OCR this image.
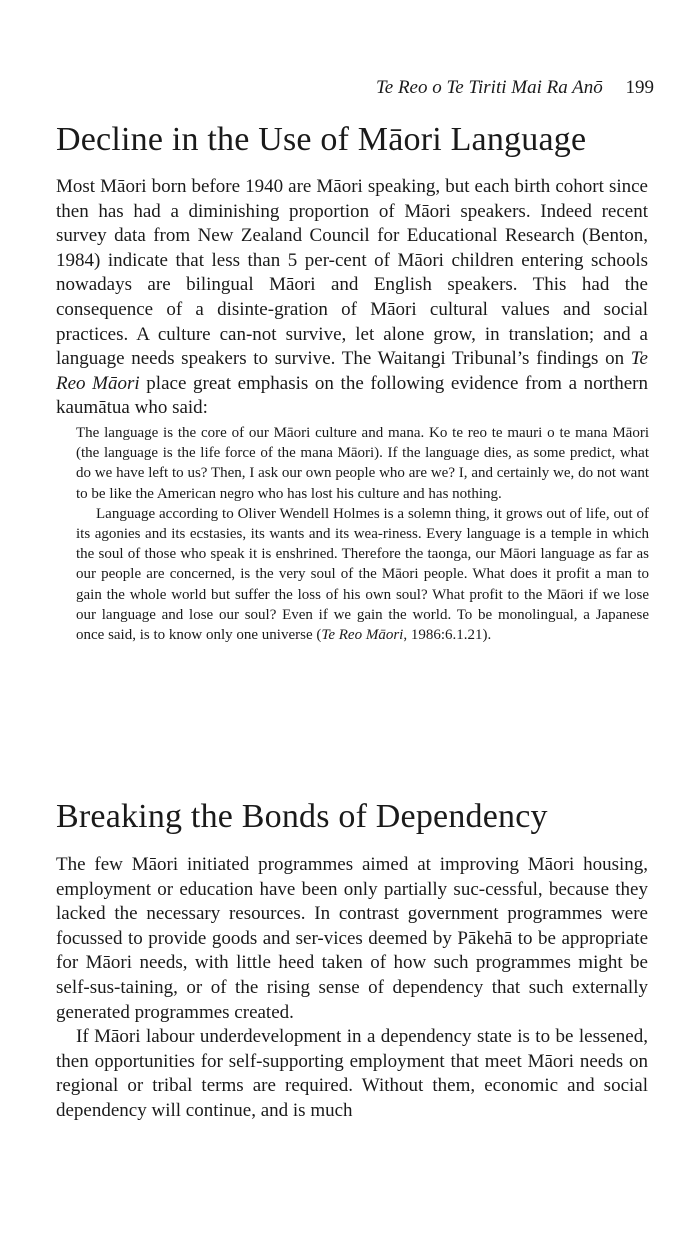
Te Reo o Te Tiriti Mai Ra Anō 199
Decline in the Use of Māori Language

Most Māori born before 1940 are Māori speaking, but each birth cohort since then has had a diminishing proportion of Māori speakers. Indeed recent survey data from New Zealand Council for Educational Research (Benton, 1984) indicate that less than 5 per-cent of Māori children entering schools nowadays are bilingual Māori and English speakers. This had the consequence of a disinte-gration of Māori cultural values and social practices. A culture can-not survive, let alone grow, in translation; and a language needs speakers to survive. The Waitangi Tribunal’s findings on Te Reo Māori place great emphasis on the following evidence from a northern kaumātua who said:

The language is the core of our Māori culture and mana. Ko te reo te mauri o te mana Māori (the language is the life force of the mana Māori). If the language dies, as some predict, what do we have left to us? Then, I ask our own people who are we? I, and certainly we, do not want to be like the American negro who has lost his culture and has nothing.

Language according to Oliver Wendell Holmes is a solemn thing, it grows out of life, out of its agonies and its ecstasies, its wants and its wea-riness. Every language is a temple in which the soul of those who speak it is enshrined. Therefore the taonga, our Māori language as far as our people are concerned, is the very soul of the Māori people. What does it profit a man to gain the whole world but suffer the loss of his own soul? What profit to the Māori if we lose our language and lose our soul? Even if we gain the world. To be monolingual, a Japanese once said, is to know only one universe (Te Reo Māori, 1986:6.1.21).

Breaking the Bonds of Dependency

The few Māori initiated programmes aimed at improving Māori housing, employment or education have been only partially suc-cessful, because they lacked the necessary resources. In contrast government programmes were focussed to provide goods and ser-vices deemed by Pākehā to be appropriate for Māori needs, with little heed taken of how such programmes might be self-sus-taining, or of the rising sense of dependency that such externally generated programmes created.

If Māori labour underdevelopment in a dependency state is to be lessened, then opportunities for self-supporting employment that meet Māori needs on regional or tribal terms are required. Without them, economic and social dependency will continue, and is much
